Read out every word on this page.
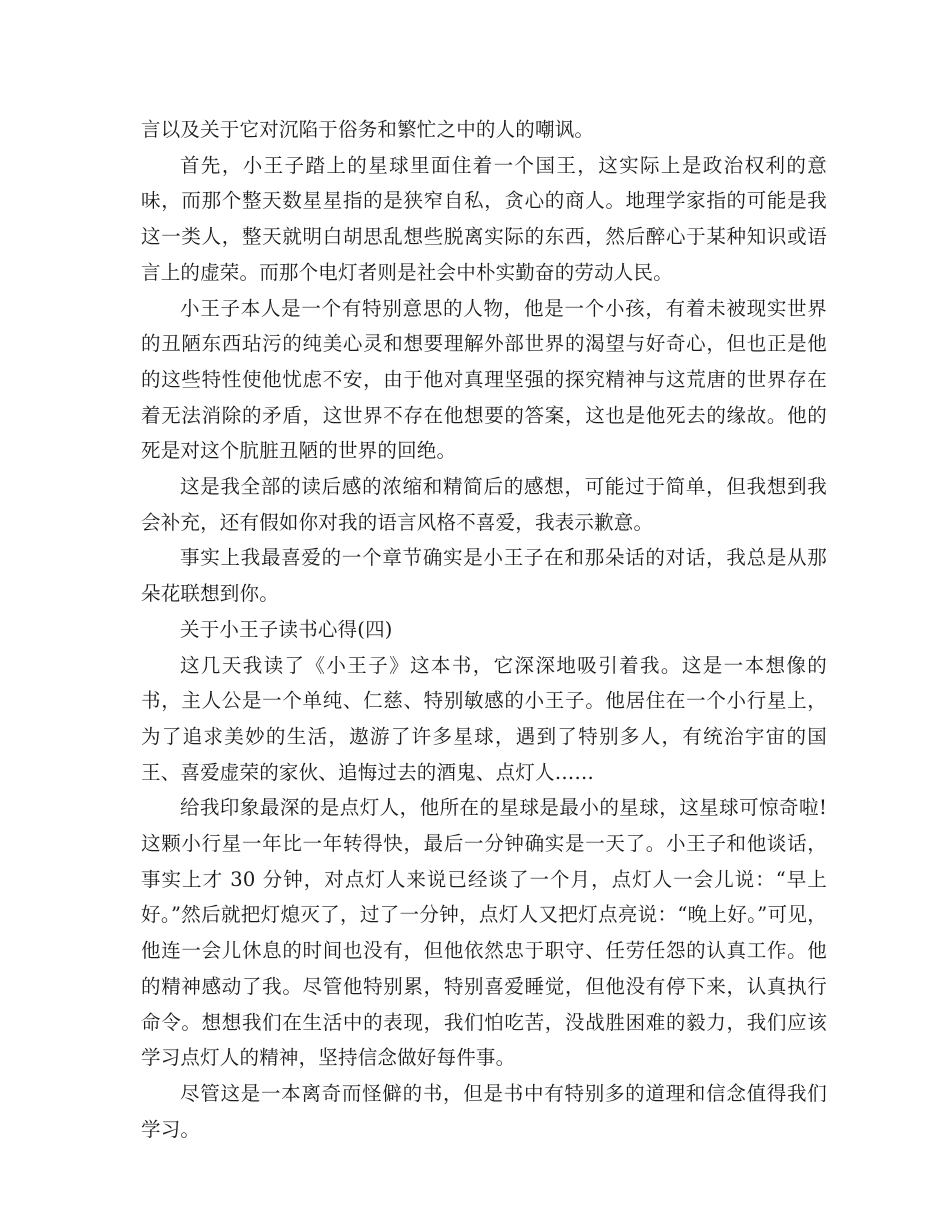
言以及关于它对沉陷于俗务和繁忙之中的人的嘲讽。

首先，小王子踏上的星球里面住着一个国王，这实际上是政治权利的意味，而那个整天数星星指的是狭窄自私，贪心的商人。地理学家指的可能是我这一类人，整天就明白胡思乱想些脱离实际的东西，然后醉心于某种知识或语言上的虚荣。而那个电灯者则是社会中朴实勤奋的劳动人民。

小王子本人是一个有特别意思的人物，他是一个小孩，有着未被现实世界的丑陋东西玷污的纯美心灵和想要理解外部世界的渴望与好奇心，但也正是他的这些特性使他忧虑不安，由于他对真理坚强的探究精神与这荒唐的世界存在着无法消除的矛盾，这世界不存在他想要的答案，这也是他死去的缘故。他的死是对这个肮脏丑陋的世界的回绝。

这是我全部的读后感的浓缩和精简后的感想，可能过于简单，但我想到我会补充，还有假如你对我的语言风格不喜爱，我表示歉意。

事实上我最喜爱的一个章节确实是小王子在和那朵话的对话，我总是从那朵花联想到你。

关于小王子读书心得(四)

这几天我读了《小王子》这本书，它深深地吸引着我。这是一本想像的书，主人公是一个单纯、仁慈、特别敏感的小王子。他居住在一个小行星上，为了追求美妙的生活，遨游了许多星球，遇到了特别多人，有统治宇宙的国王、喜爱虚荣的家伙、追悔过去的酒鬼、点灯人……

给我印象最深的是点灯人，他所在的星球是最小的星球，这星球可惊奇啦!这颗小行星一年比一年转得快，最后一分钟确实是一天了。小王子和他谈话，事实上才 30 分钟，对点灯人来说已经谈了一个月，点灯人一会儿说：“早上好。”然后就把灯熄灭了，过了一分钟，点灯人又把灯点亮说：“晚上好。”可见，他连一会儿休息的时间也没有，但他依然忠于职守、任劳任怨的认真工作。他的精神感动了我。尽管他特别累，特别喜爱睡觉，但他没有停下来，认真执行命令。想想我们在生活中的表现，我们怕吃苦，没战胜困难的毅力，我们应该学习点灯人的精神，坚持信念做好每件事。

尽管这是一本离奇而怪僻的书，但是书中有特别多的道理和信念值得我们学习。
